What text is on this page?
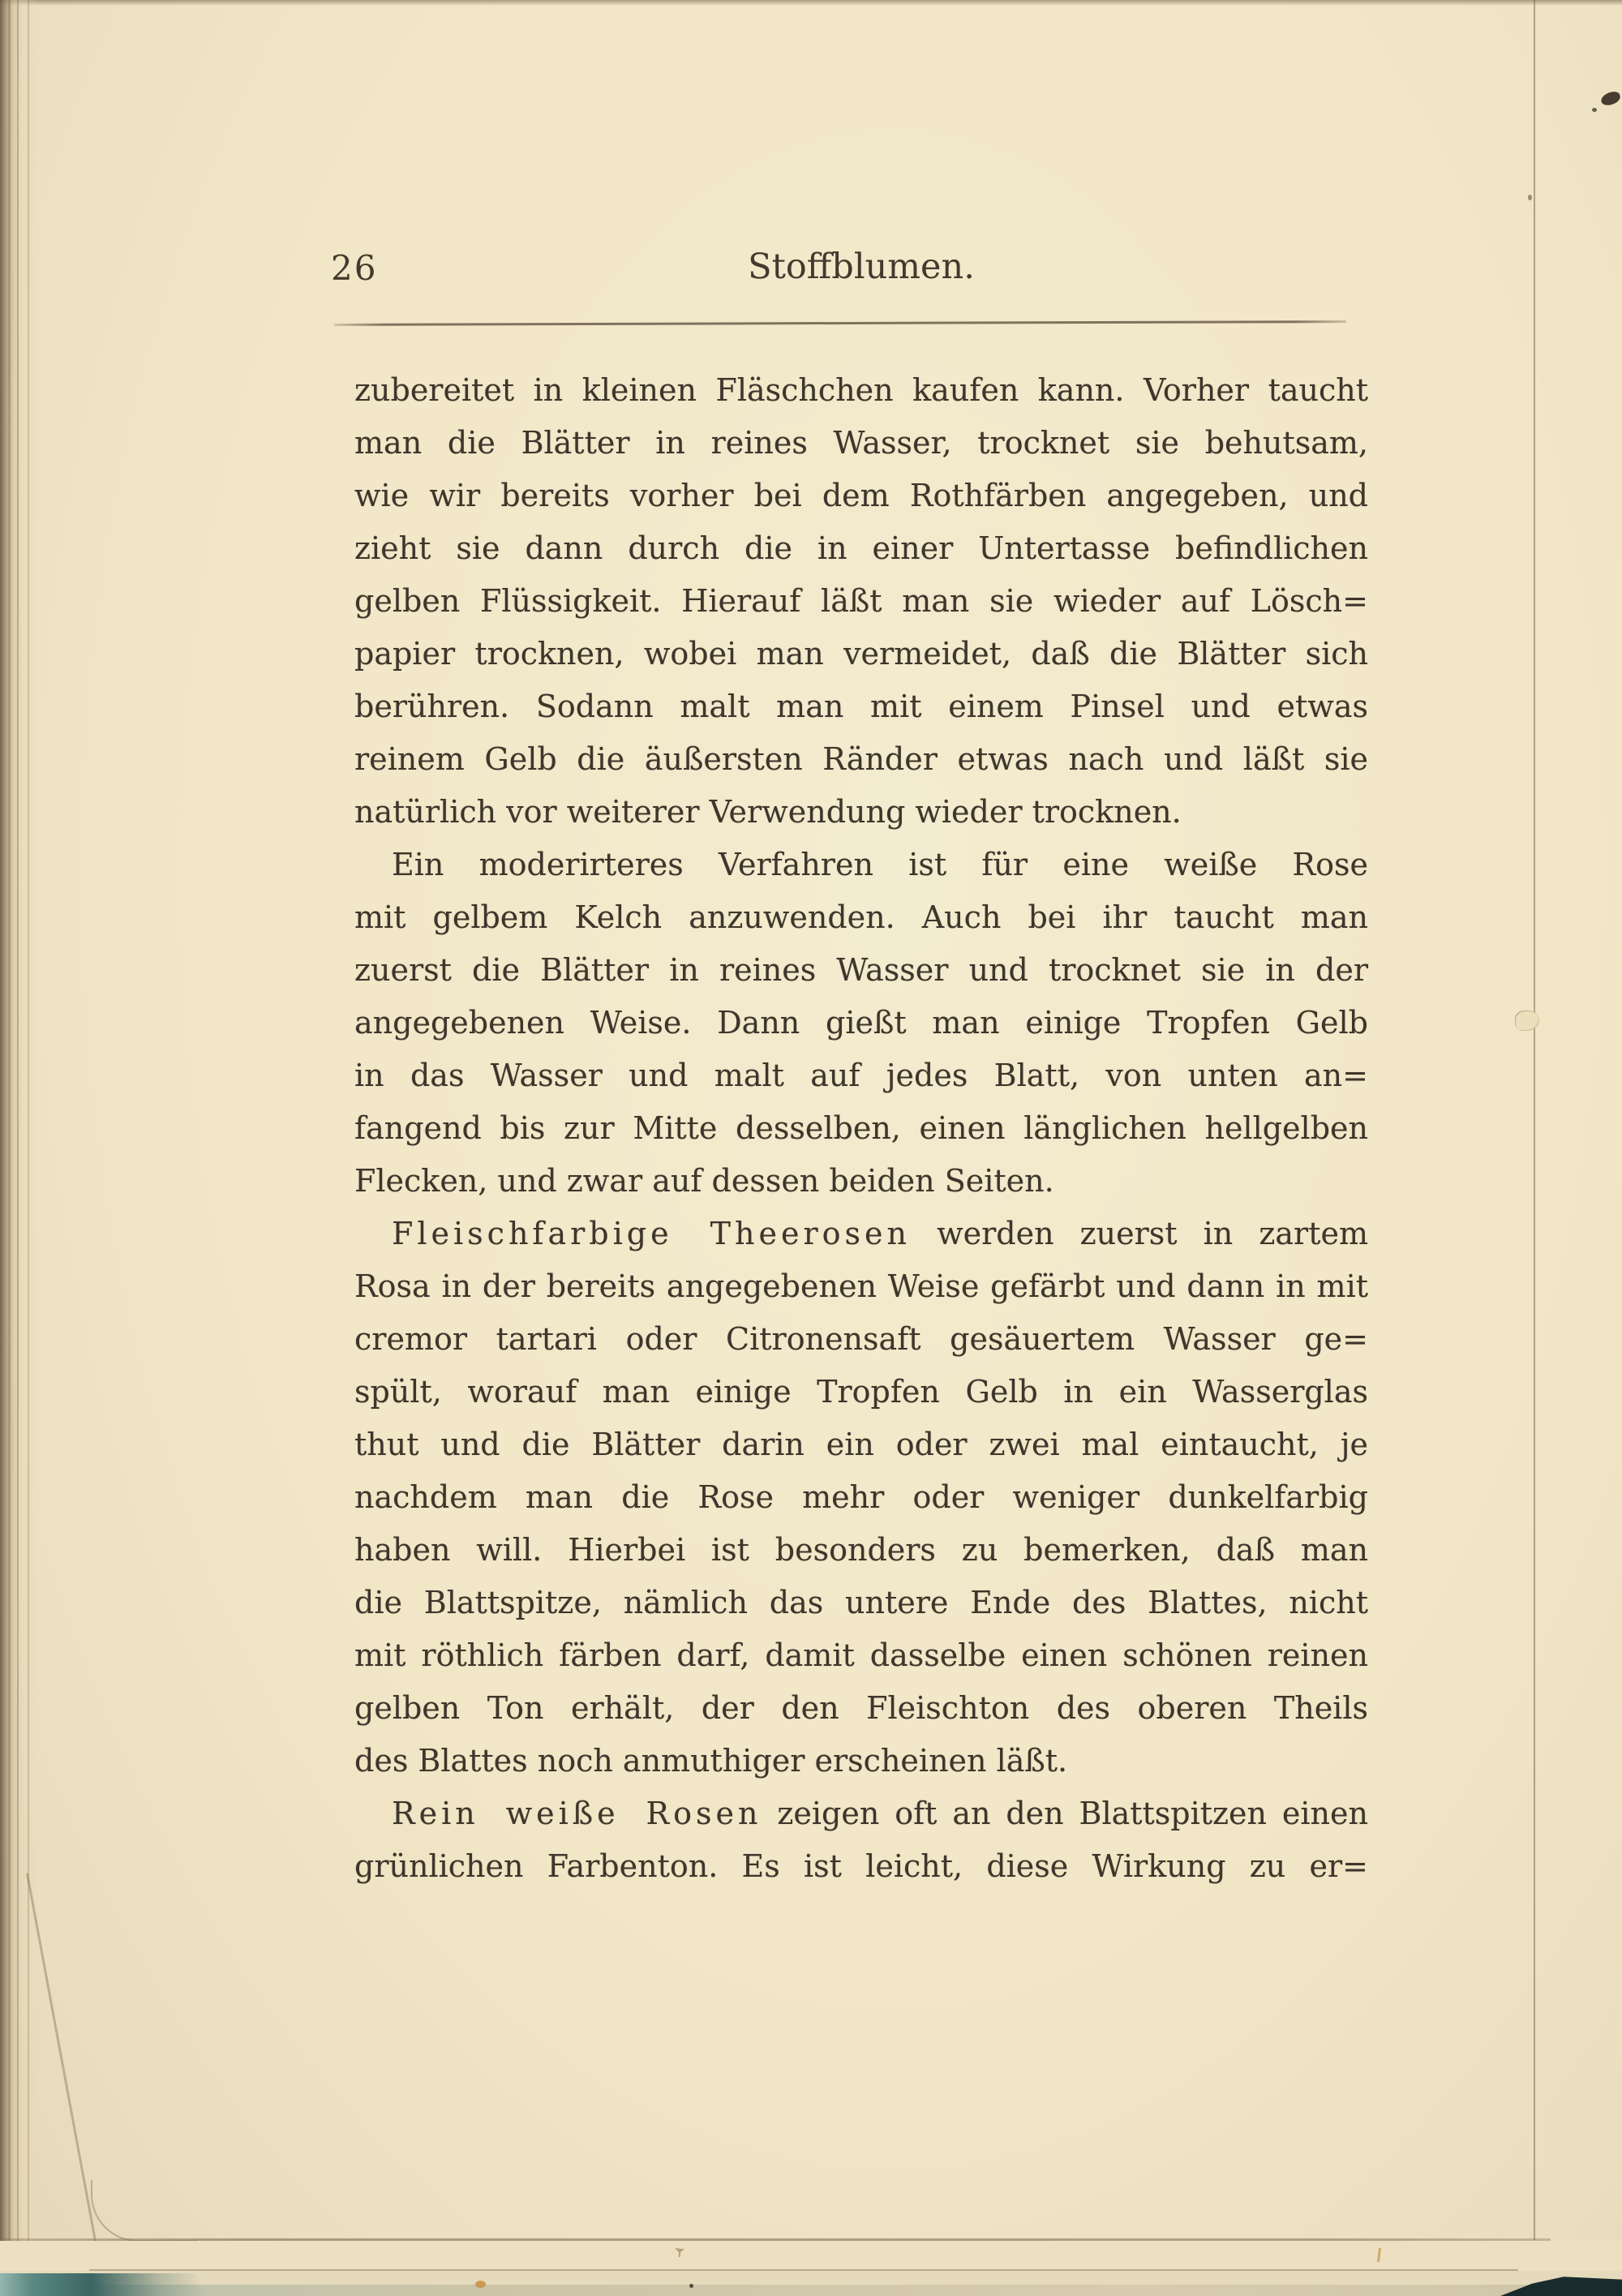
26	Stoffblumen.
zubereitet in kleinen Fläschchen kaufen kann. Vorher taucht
man die Blätter in reines Wasser, trocknet sie behutsam,
wie wir bereits vorher bei dem Rothfärben angegeben, und
zieht sie dann durch die in einer Untertasse befindlichen
gelben Flüssigkeit. Hierauf läßt man sie wieder auf Lösch=
papier trocknen, wobei man vermeidet, daß die Blätter sich
berühren. Sodann malt man mit einem Pinsel und etwas
reinem Gelb die äußersten Ränder etwas nach und läßt sie
natürlich vor weiterer Verwendung wieder trocknen.
Ein moderirteres Verfahren ist für eine weiße Rose
mit gelbem Kelch anzuwenden. Auch bei ihr taucht man
zuerst die Blätter in reines Wasser und trocknet sie in der
angegebenen Weise. Dann gießt man einige Tropfen Gelb
in das Wasser und malt auf jedes Blatt, von unten an=
fangend bis zur Mitte desselben, einen länglichen hellgelben
Flecken, und zwar auf dessen beiden Seiten.
Fleischfarbige Theerosen werden zuerst in zartem
Rosa in der bereits angegebenen Weise gefärbt und dann in mit
cremor tartari oder Citronensaft gesäuertem Wasser ge=
spült, worauf man einige Tropfen Gelb in ein Wasserglas
thut und die Blätter darin ein oder zwei mal eintaucht, je
nachdem man die Rose mehr oder weniger dunkelfarbig
haben will. Hierbei ist besonders zu bemerken, daß man
die Blattspitze, nämlich das untere Ende des Blattes, nicht
mit röthlich färben darf, damit dasselbe einen schönen reinen
gelben Ton erhält, der den Fleischton des oberen Theils
des Blattes noch anmuthiger erscheinen läßt.
Rein weiße Rosen zeigen oft an den Blattspitzen einen
grünlichen Farbenton. Es ist leicht, diese Wirkung zu er=
